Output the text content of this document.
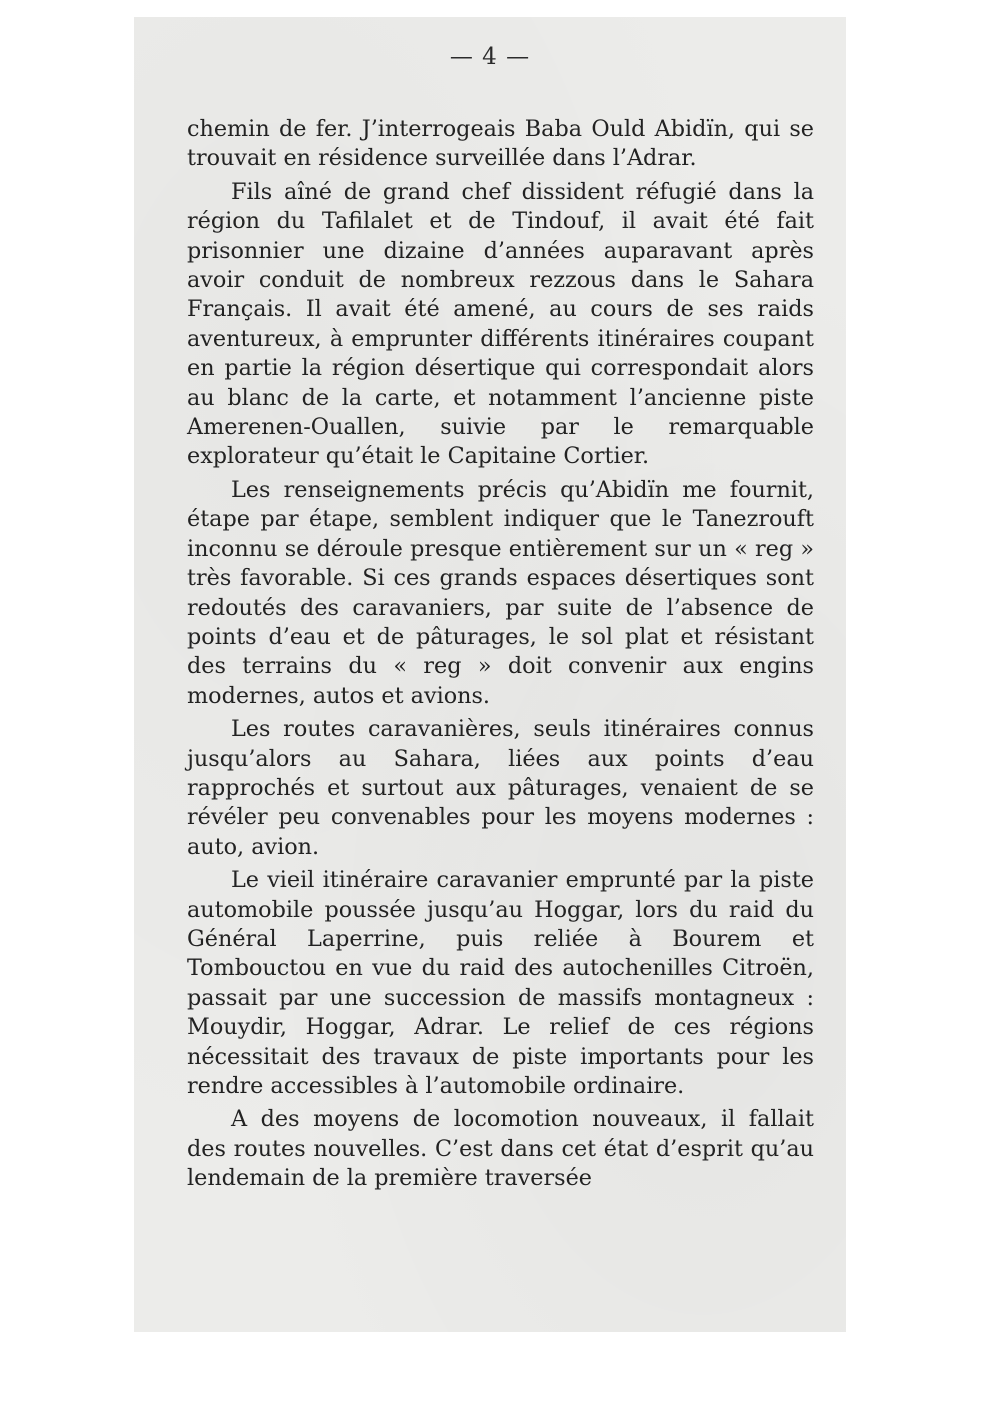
— 4 —

chemin de fer. J’interrogeais Baba Ould Abidïn, qui se trouvait en résidence surveillée dans l’Adrar.

Fils aîné de grand chef dissident réfugié dans la région du Tafilalet et de Tindouf, il avait été fait prisonnier une dizaine d’années auparavant après avoir conduit de nombreux rezzous dans le Sahara Français. Il avait été amené, au cours de ses raids aventureux, à emprunter différents itinéraires coupant en partie la région désertique qui correspondait alors au blanc de la carte, et notamment l’ancienne piste Amerenen-Ouallen, suivie par le remarquable explorateur qu’était le Capitaine Cortier.

Les renseignements précis qu’Abidïn me fournit, étape par étape, semblent indiquer que le Tanezrouft inconnu se déroule presque entièrement sur un « reg » très favorable. Si ces grands espaces désertiques sont redoutés des caravaniers, par suite de l’absence de points d’eau et de pâturages, le sol plat et résistant des terrains du « reg » doit convenir aux engins modernes, autos et avions.

Les routes caravanières, seuls itinéraires connus jusqu’alors au Sahara, liées aux points d’eau rapprochés et surtout aux pâturages, venaient de se révéler peu convenables pour les moyens modernes : auto, avion.

Le vieil itinéraire caravanier emprunté par la piste automobile poussée jusqu’au Hoggar, lors du raid du Général Laperrine, puis reliée à Bourem et Tombouctou en vue du raid des autochenilles Citroën, passait par une succession de massifs montagneux : Mouydir, Hoggar, Adrar. Le relief de ces régions nécessitait des travaux de piste importants pour les rendre accessibles à l’automobile ordinaire.

A des moyens de locomotion nouveaux, il fallait des routes nouvelles. C’est dans cet état d’esprit qu’au lendemain de la première traversée
